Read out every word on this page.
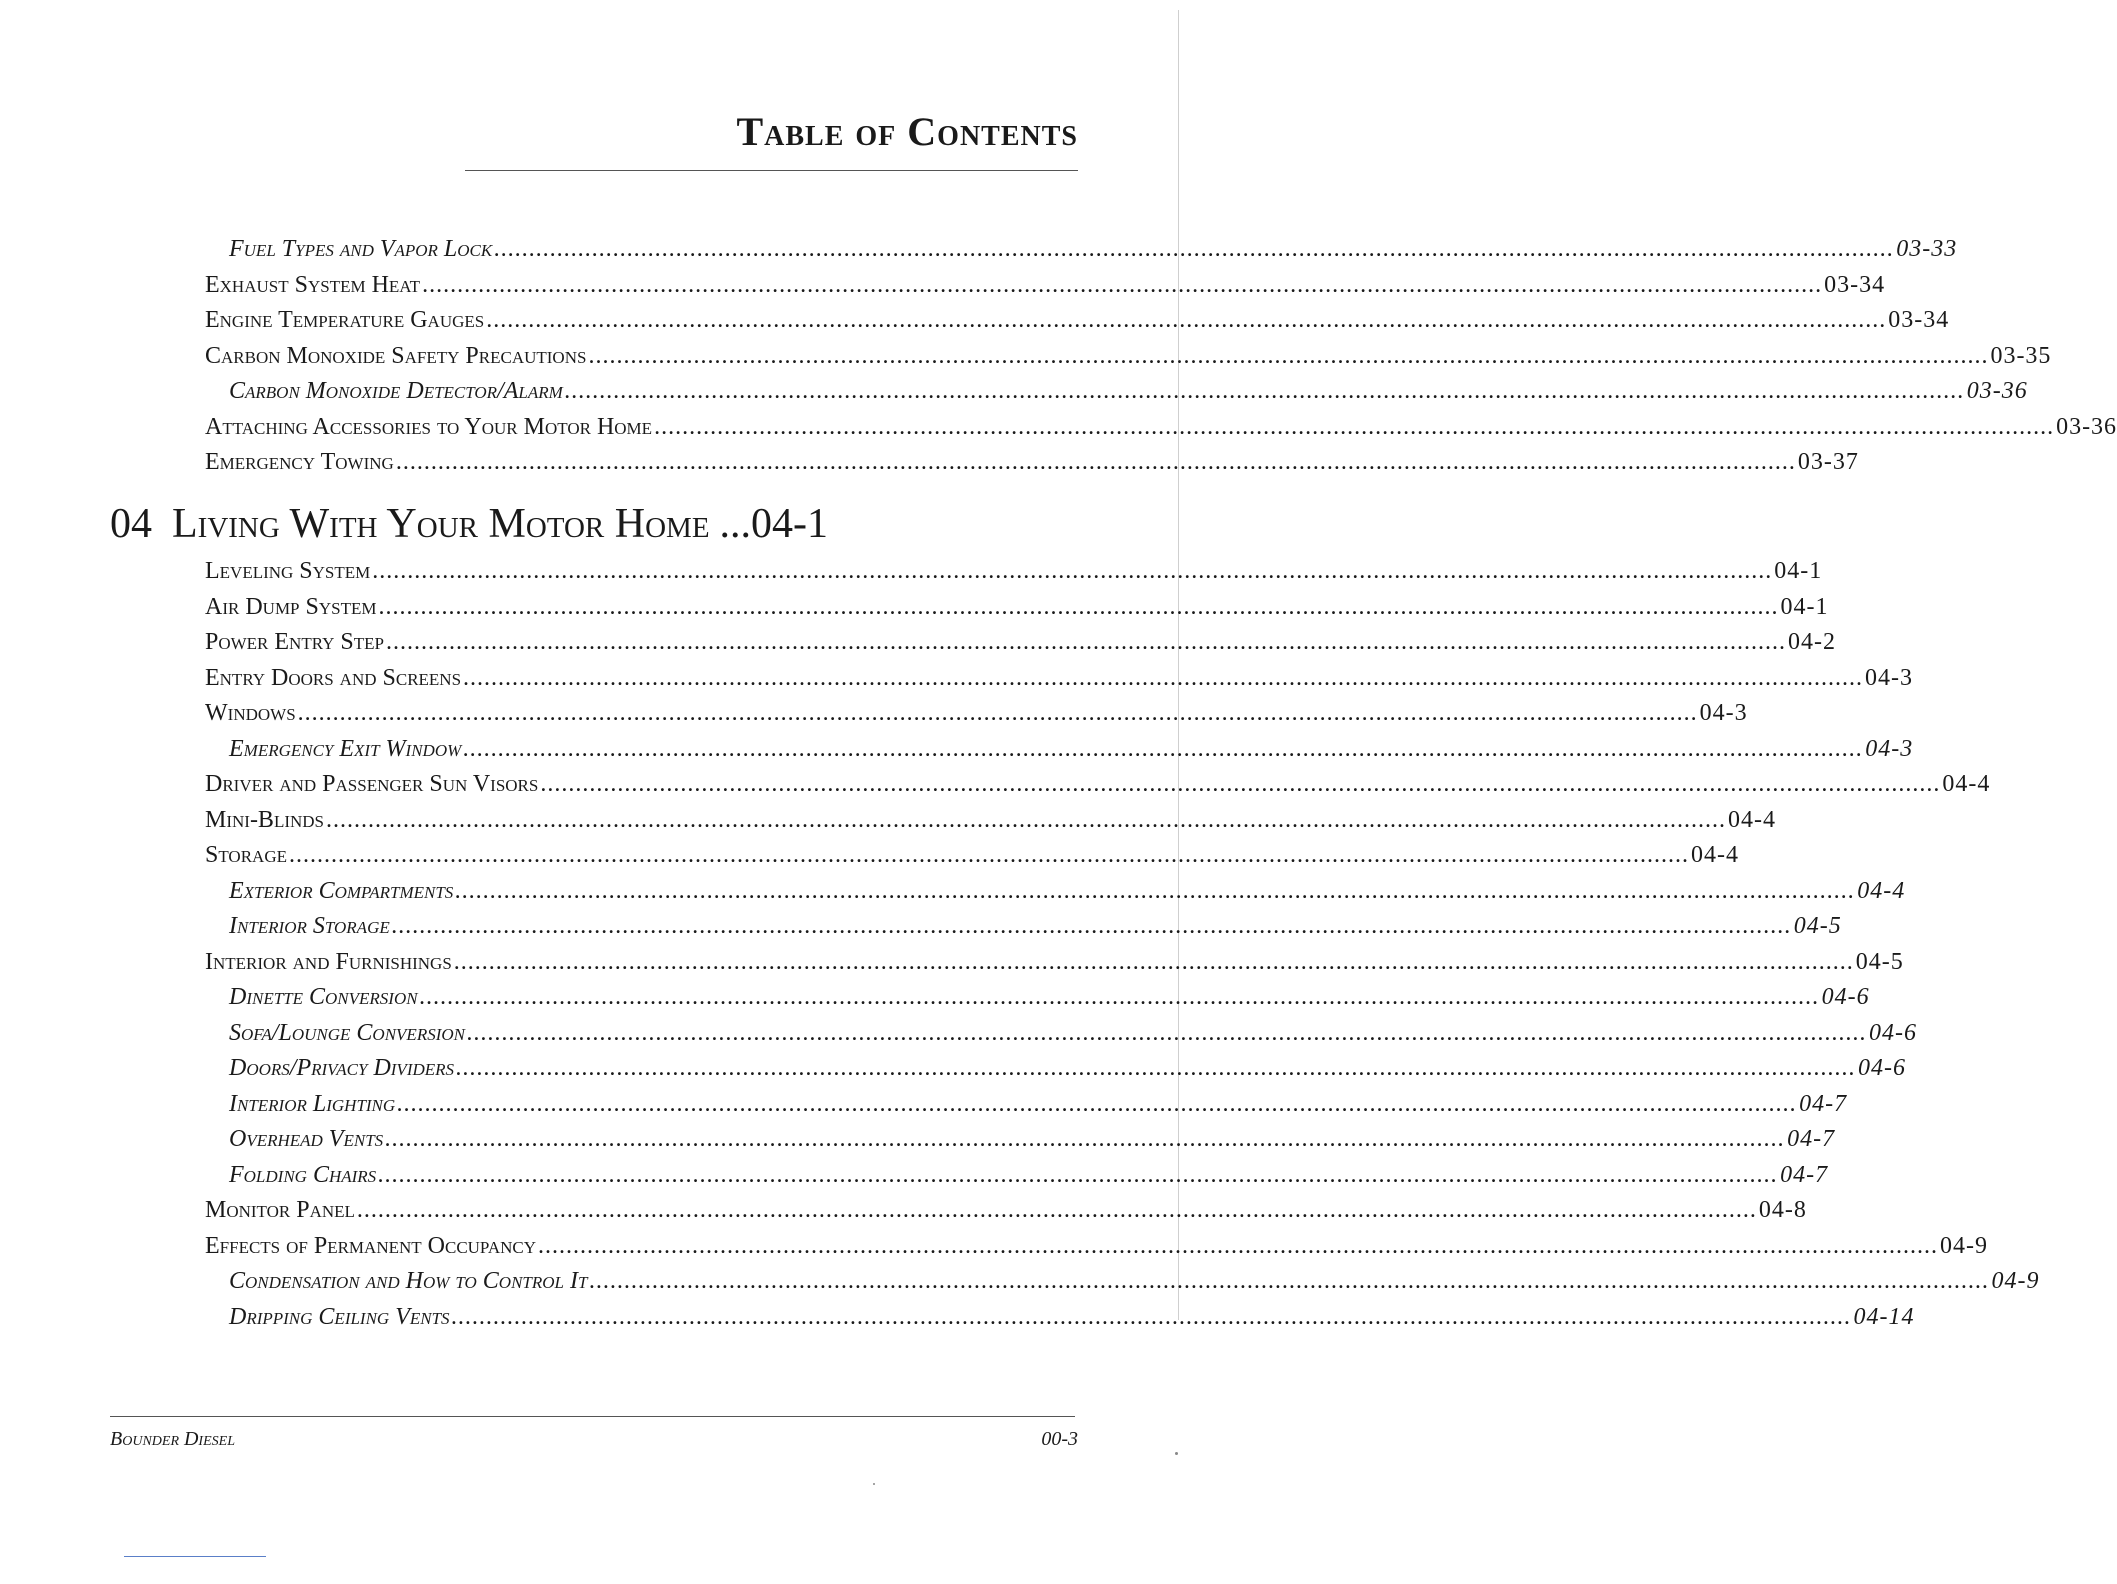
Table of Contents
Fuel Types and Vapor Lock ........................................................................................................................................................................................................ 03-33
Exhaust System Heat ........................................................................................................................................................................................................ 03-34
Engine Temperature Gauges ........................................................................................................................................................................................................ 03-34
Carbon Monoxide Safety Precautions ........................................................................................................................................................................................................ 03-35
Carbon Monoxide Detector/Alarm ........................................................................................................................................................................................................ 03-36
Attaching Accessories to Your Motor Home ........................................................................................................................................................................................................ 03-36
Emergency Towing ........................................................................................................................................................................................................ 03-37
04 Living With Your Motor Home ... 04-1
Leveling System ........................................................................................................................................................................................................ 04-1
Air Dump System ........................................................................................................................................................................................................ 04-1
Power Entry Step ........................................................................................................................................................................................................ 04-2
Entry Doors and Screens ........................................................................................................................................................................................................ 04-3
Windows ........................................................................................................................................................................................................ 04-3
Emergency Exit Window ........................................................................................................................................................................................................ 04-3
Driver and Passenger Sun Visors ........................................................................................................................................................................................................ 04-4
Mini-Blinds ........................................................................................................................................................................................................ 04-4
Storage ........................................................................................................................................................................................................ 04-4
Exterior Compartments ........................................................................................................................................................................................................ 04-4
Interior Storage ........................................................................................................................................................................................................ 04-5
Interior and Furnishings ........................................................................................................................................................................................................ 04-5
Dinette Conversion ........................................................................................................................................................................................................ 04-6
Sofa/Lounge Conversion ........................................................................................................................................................................................................ 04-6
Doors/Privacy Dividers ........................................................................................................................................................................................................ 04-6
Interior Lighting ........................................................................................................................................................................................................ 04-7
Overhead Vents ........................................................................................................................................................................................................ 04-7
Folding Chairs ........................................................................................................................................................................................................ 04-7
Monitor Panel ........................................................................................................................................................................................................ 04-8
Effects of Permanent Occupancy ........................................................................................................................................................................................................ 04-9
Condensation and How to Control It ........................................................................................................................................................................................................ 04-9
Dripping Ceiling Vents ........................................................................................................................................................................................................ 04-14
Bounder Diesel	00-3
